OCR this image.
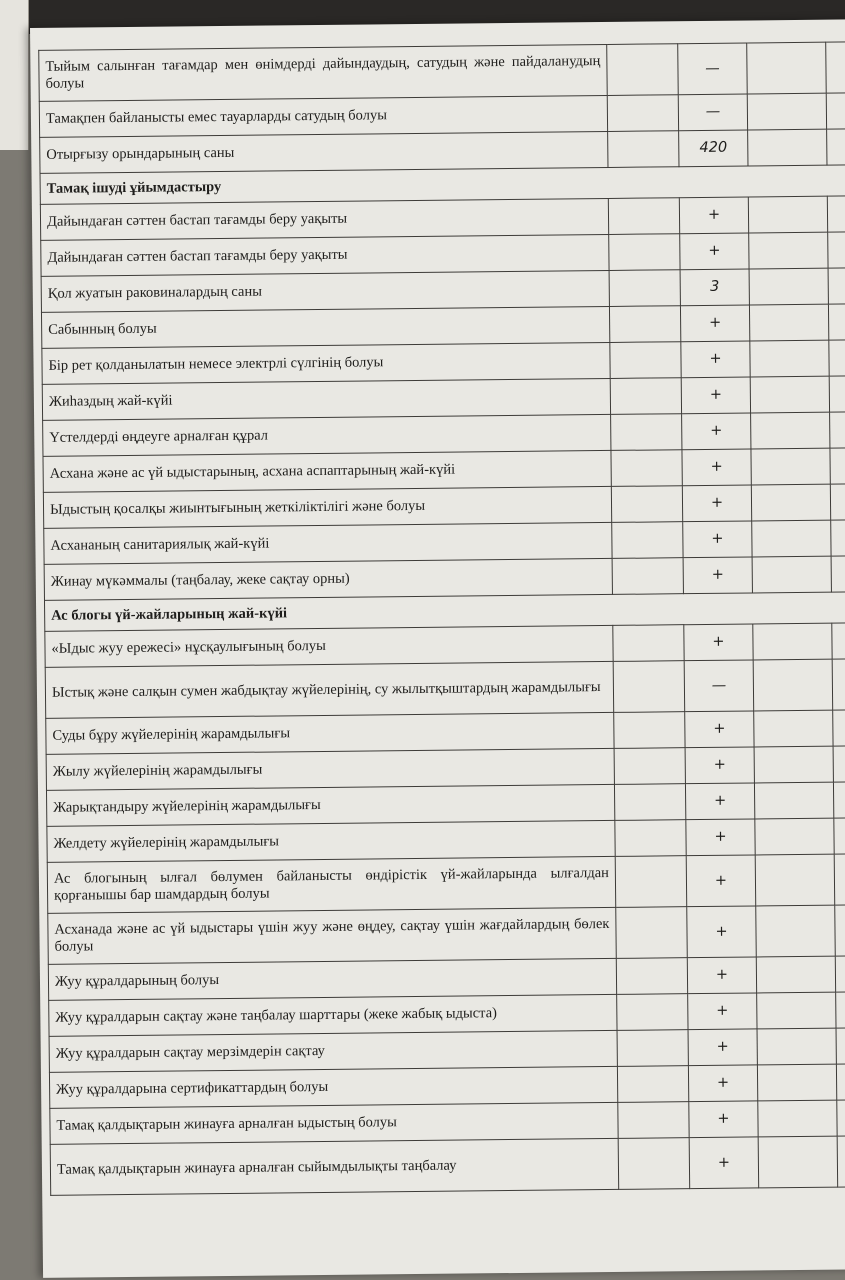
Тыйым салынған тағамдар мен өнімдерді дайындаудың, сатудың және пайдаланудың болуы		—		
Тамақпен байланысты емес тауарларды сатудың болуы		—		
Отырғызу орындарының саны		420		
Тамақ ішуді ұйымдастыру				
Дайындаған сәттен бастап тағамды беру уақыты		+		
Дайындаған сәттен бастап тағамды беру уақыты		+		
Қол жуатын раковиналардың саны		3		
Сабынның болуы		+		
Бір рет қолданылатын немесе электрлі сүлгінің болуы		+		
Жиһаздың жай-күйі		+		
Үстелдерді өңдеуге арналған құрал		+		
Асхана және ас үй ыдыстарының, асхана аспаптарының жай-күйі		+		
Ыдыстың қосалқы жиынтығының жеткіліктілігі және болуы		+		
Асхананың санитариялық жай-күйі		+		
Жинау мүкәммалы (таңбалау, жеке сақтау орны)		+		
Ас блогы үй-жайларының жай-күйі				
«Ыдыс жуу ережесі» нұсқаулығының болуы		+		
Ыстық және салқын сумен жабдықтау жүйелерінің, су жылытқыштардың жарамдылығы		—		
Суды бұру жүйелерінің жарамдылығы		+		
Жылу жүйелерінің жарамдылығы		+		
Жарықтандыру жүйелерінің жарамдылығы		+		
Желдету жүйелерінің жарамдылығы		+		
Ас блогының ылғал бөлумен байланысты өндірістік үй-жайларында ылғалдан қорғанышы бар шамдардың болуы		+		
Асханада және ас үй ыдыстары үшін жуу және өңдеу, сақтау үшін жағдайлардың бөлек болуы		+		
Жуу құралдарының болуы		+		
Жуу құралдарын сақтау және таңбалау шарттары (жеке жабық ыдыста)		+		
Жуу құралдарын сақтау мерзімдерін сақтау		+		
Жуу құралдарына сертификаттардың болуы		+		
Тамақ қалдықтарын жинауға арналған ыдыстың болуы		+		
Тамақ қалдықтарын жинауға арналған сыйымдылықты таңбалау		+		
